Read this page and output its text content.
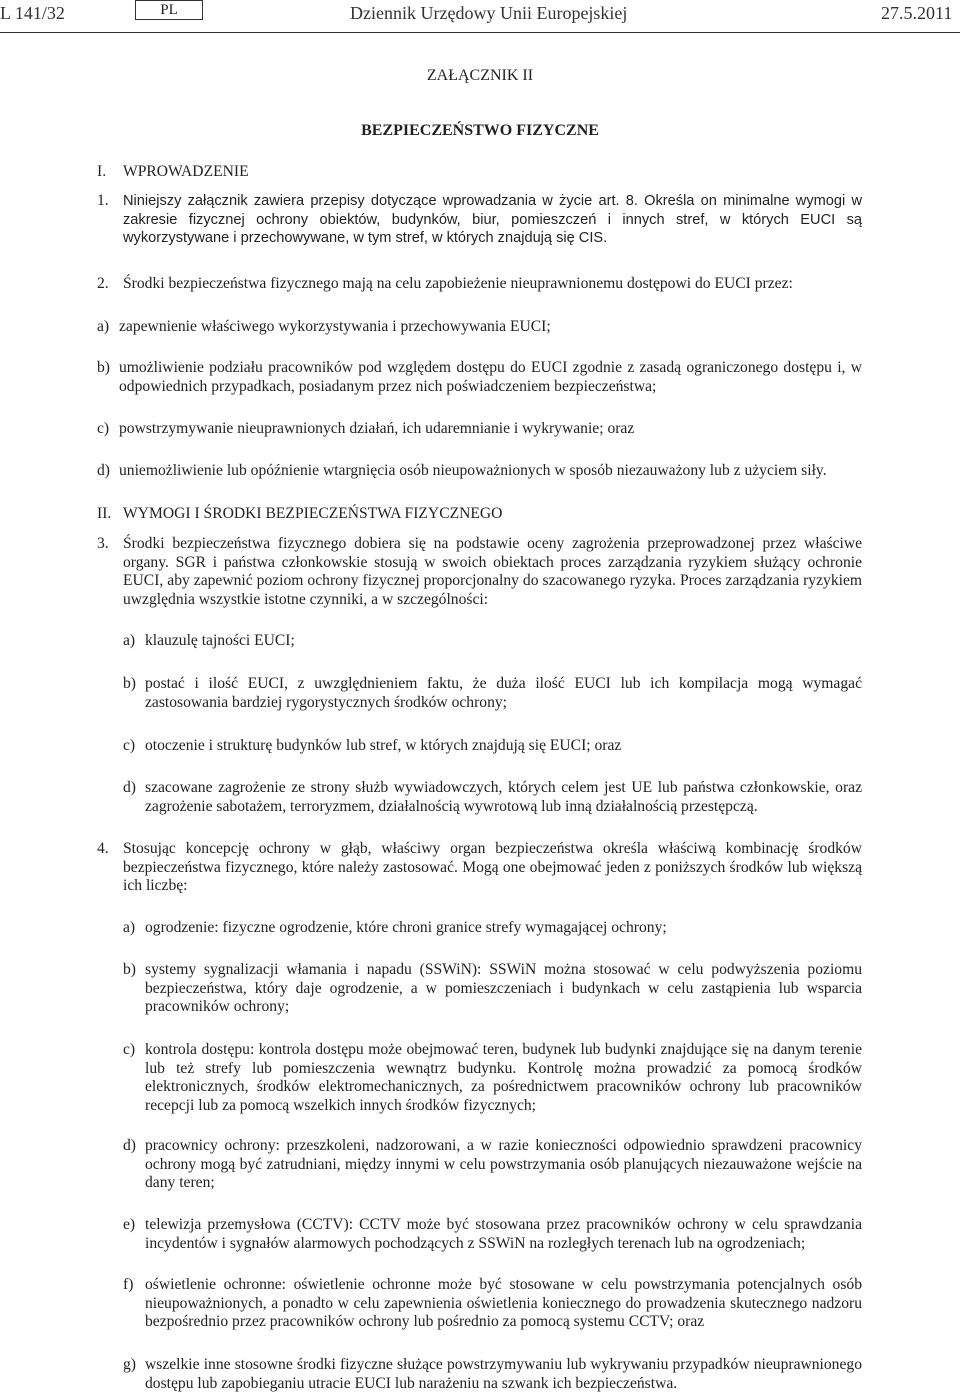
L 141/32	PL	Dziennik Urzędowy Unii Europejskiej	27.5.2011
ZAŁĄCZNIK II
BEZPIECZEŃSTWO FIZYCZNE
I. WPROWADZENIE
1. Niniejszy załącznik zawiera przepisy dotyczące wprowadzania w życie art. 8. Określa on minimalne wymogi w zakresie fizycznej ochrony obiektów, budynków, biur, pomieszczeń i innych stref, w których EUCI są wykorzystywane i przechowywane, w tym stref, w których znajdują się CIS.
2. Środki bezpieczeństwa fizycznego mają na celu zapobieżenie nieuprawnionemu dostępowi do EUCI przez:
a) zapewnienie właściwego wykorzystywania i przechowywania EUCI;
b) umożliwienie podziału pracowników pod względem dostępu do EUCI zgodnie z zasadą ograniczonego dostępu i, w odpowiednich przypadkach, posiadanym przez nich poświadczeniem bezpieczeństwa;
c) powstrzymywanie nieuprawnionych działań, ich udaremnianie i wykrywanie; oraz
d) uniemożliwienie lub opóźnienie wtargnięcia osób nieupoważnionych w sposób niezauważony lub z użyciem siły.
II. WYMOGI I ŚRODKI BEZPIECZEŃSTWA FIZYCZNEGO
3. Środki bezpieczeństwa fizycznego dobiera się na podstawie oceny zagrożenia przeprowadzonej przez właściwe organy. SGR i państwa członkowskie stosują w swoich obiektach proces zarządzania ryzykiem służący ochronie EUCI, aby zapewnić poziom ochrony fizycznej proporcjonalny do szacowanego ryzyka. Proces zarządzania ryzykiem uwzględnia wszystkie istotne czynniki, a w szczególności:
a) klauzulę tajności EUCI;
b) postać i ilość EUCI, z uwzględnieniem faktu, że duża ilość EUCI lub ich kompilacja mogą wymagać zastosowania bardziej rygorystycznych środków ochrony;
c) otoczenie i strukturę budynków lub stref, w których znajdują się EUCI; oraz
d) szacowane zagrożenie ze strony służb wywiadowczych, których celem jest UE lub państwa członkowskie, oraz zagrożenie sabotażem, terroryzmem, działalnością wywrotową lub inną działalnością przestępczą.
4. Stosując koncepcję ochrony w głąb, właściwy organ bezpieczeństwa określa właściwą kombinację środków bezpieczeństwa fizycznego, które należy zastosować. Mogą one obejmować jeden z poniższych środków lub większą ich liczbę:
a) ogrodzenie: fizyczne ogrodzenie, które chroni granice strefy wymagającej ochrony;
b) systemy sygnalizacji włamania i napadu (SSWiN): SSWiN można stosować w celu podwyższenia poziomu bezpieczeństwa, który daje ogrodzenie, a w pomieszczeniach i budynkach w celu zastąpienia lub wsparcia pracowników ochrony;
c) kontrola dostępu: kontrola dostępu może obejmować teren, budynek lub budynki znajdujące się na danym terenie lub też strefy lub pomieszczenia wewnątrz budynku. Kontrolę można prowadzić za pomocą środków elektronicznych, środków elektromechanicznych, za pośrednictwem pracowników ochrony lub pracowników recepcji lub za pomocą wszelkich innych środków fizycznych;
d) pracownicy ochrony: przeszkoleni, nadzorowani, a w razie konieczności odpowiednio sprawdzeni pracownicy ochrony mogą być zatrudniani, między innymi w celu powstrzymania osób planujących niezauważone wejście na dany teren;
e) telewizja przemysłowa (CCTV): CCTV może być stosowana przez pracowników ochrony w celu sprawdzania incydentów i sygnałów alarmowych pochodzących z SSWiN na rozległych terenach lub na ogrodzeniach;
f) oświetlenie ochronne: oświetlenie ochronne może być stosowane w celu powstrzymania potencjalnych osób nieupoważnionych, a ponadto w celu zapewnienia oświetlenia koniecznego do prowadzenia skutecznego nadzoru bezpośrednio przez pracowników ochrony lub pośrednio za pomocą systemu CCTV; oraz
g) wszelkie inne stosowne środki fizyczne służące powstrzymywaniu lub wykrywaniu przypadków nieuprawnionego dostępu lub zapobieganiu utracie EUCI lub narażeniu na szwank ich bezpieczeństwa.
